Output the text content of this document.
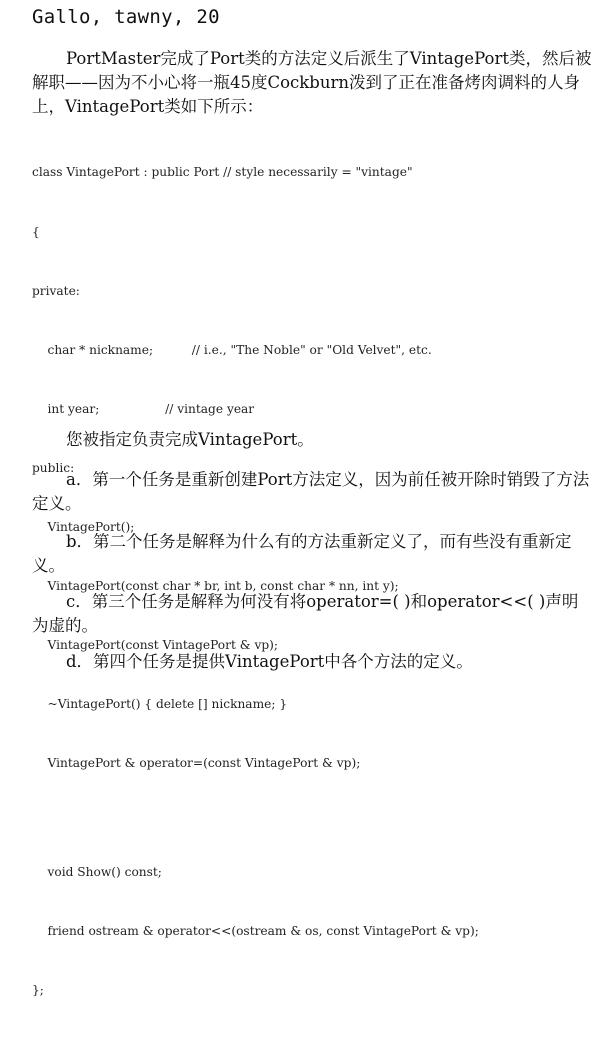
Gallo, tawny, 20
PortMaster完成了Port类的方法定义后派生了VintagePort类，然后被解职——因为不小心将一瓶45度Cockburn泼到了正在准备烤肉调料的人身上，VintagePort类如下所示：

class VintagePort : public Port // style necessarily = "vintage"

{

private:

char * nickname;          // i.e., "The Noble" or "Old Velvet", etc.

int year;                 // vintage year

public:

VintagePort();

VintagePort(const char * br, int b, const char * nn, int y);

VintagePort(const VintagePort & vp);

~VintagePort() { delete [] nickname; }

VintagePort & operator=(const VintagePort & vp);

void Show() const;

friend ostream & operator<<(ostream & os, const VintagePort & vp);

};

您被指定负责完成VintagePort。
a．第一个任务是重新创建Port方法定义，因为前任被开除时销毁了方法定义。
b．第二个任务是解释为什么有的方法重新定义了，而有些没有重新定义。
c．第三个任务是解释为何没有将operator=( )和operator<<( )声明为虚的。
d．第四个任务是提供VintagePort中各个方法的定义。
